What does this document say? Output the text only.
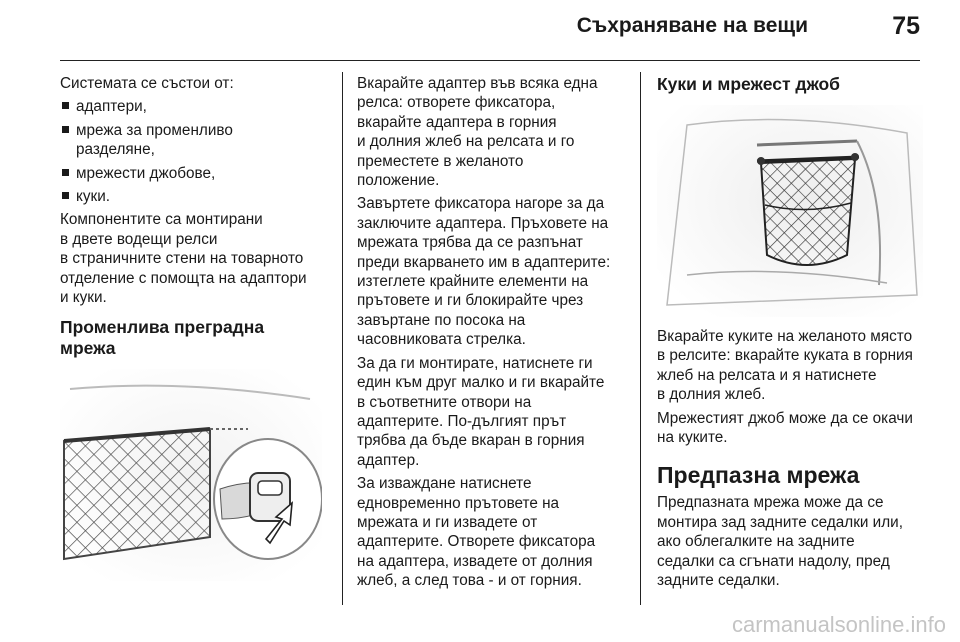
Съхраняване на вещи	75

Системата се състои от:

адаптери,
мрежа за променливо
разделяне,
мрежести джобове,
куки.

Компонентите са монтирани
в двете водещи релси
в страничните стени на товарното
отделение с помощта на адаптори
и куки.

Променлива преградна
мрежа

Вкарайте адаптер във всяка една
релса: отворете фиксатора,
вкарайте адаптера в горния
и долния жлеб на релсата и го
преместете в желаното
положение.

Завъртете фиксатора нагоре за да
заключите адаптера. Пръховете на
мрежата трябва да се разпънат
преди вкарването им в адаптерите:
изтеглете крайните елементи на
прътовете и ги блокирайте чрез
завъртане по посока на
часовниковата стрелка.

За да ги монтирате, натиснете ги
един към друг малко и ги вкарайте
в съответните отвори на
адаптерите. По-дългият прът
трябва да бъде вкаран в горния
адаптер.

За изваждане натиснете
едновременно прътовете на
мрежата и ги извадете от
адаптерите. Отворете фиксатора
на адаптера, извадете от долния
жлеб, а след това - и от горния.

Куки и мрежест джоб

Вкарайте куките на желаното място
в релсите: вкарайте куката в горния
жлеб на релсата и я натиснете
в долния жлеб.

Мрежестият джоб може да се окачи
на куките.

Предпазна мрежа

Предпазната мрежа може да се
монтира зад задните седалки или,
ако облегалките на задните
седалки са сгънати надолу, пред
задните седалки.

carmanualsonline.info
